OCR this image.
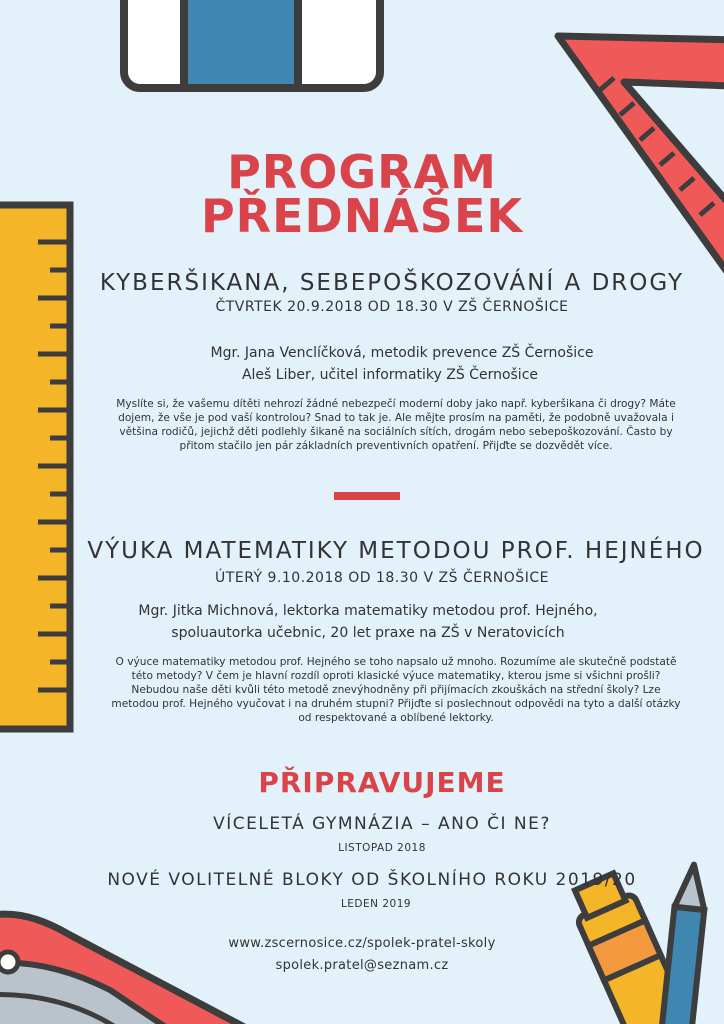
PROGRAM
PŘEDNÁŠEK
KYBERŠIKANA, SEBEPOŠKOZOVÁNÍ A DROGY
ČTVRTEK 20.9.2018 OD 18.30 V ZŠ ČERNOŠICE
Mgr. Jana Venclíčková, metodik prevence ZŠ Černošice
Aleš Liber, učitel informatiky ZŠ Černošice
Myslíte si, že vašemu dítěti nehrozí žádné nebezpečí moderní doby jako např. kyberšikana či drogy? Máte
dojem, že vše je pod vaší kontrolou? Snad to tak je. Ale mějte prosím na paměti, že podobně uvažovala i
většina rodičů, jejichž děti podlehly šikaně na sociálních sítích, drogám nebo sebepoškozování. Často by
přitom stačilo jen pár základních preventivních opatření. Přijďte se dozvědět více.
VÝUKA MATEMATIKY METODOU PROF. HEJNÉHO
ÚTERÝ 9.10.2018 OD 18.30 V ZŠ ČERNOŠICE
Mgr. Jitka Michnová, lektorka matematiky metodou prof. Hejného,
spoluautorka učebnic, 20 let praxe na ZŠ v Neratovicích
O výuce matematiky metodou prof. Hejného se toho napsalo už mnoho. Rozumíme ale skutečně podstatě
této metody? V čem je hlavní rozdíl oproti klasické výuce matematiky, kterou jsme si všichni prošli?
Nebudou naše děti kvůli této metodě znevýhodněny při přijímacích zkouškách na střední školy? Lze
metodou prof. Hejného vyučovat i na druhém stupni? Přijďte si poslechnout odpovědi na tyto a další otázky
od respektované a oblíbené lektorky.
PŘIPRAVUJEME
VÍCELETÁ GYMNÁZIA – ANO ČI NE?
LISTOPAD 2018
NOVÉ VOLITELNÉ BLOKY OD ŠKOLNÍHO ROKU 2019/20
LEDEN 2019
www.zscernosice.cz/spolek-pratel-skoly
spolek.pratel@seznam.cz
